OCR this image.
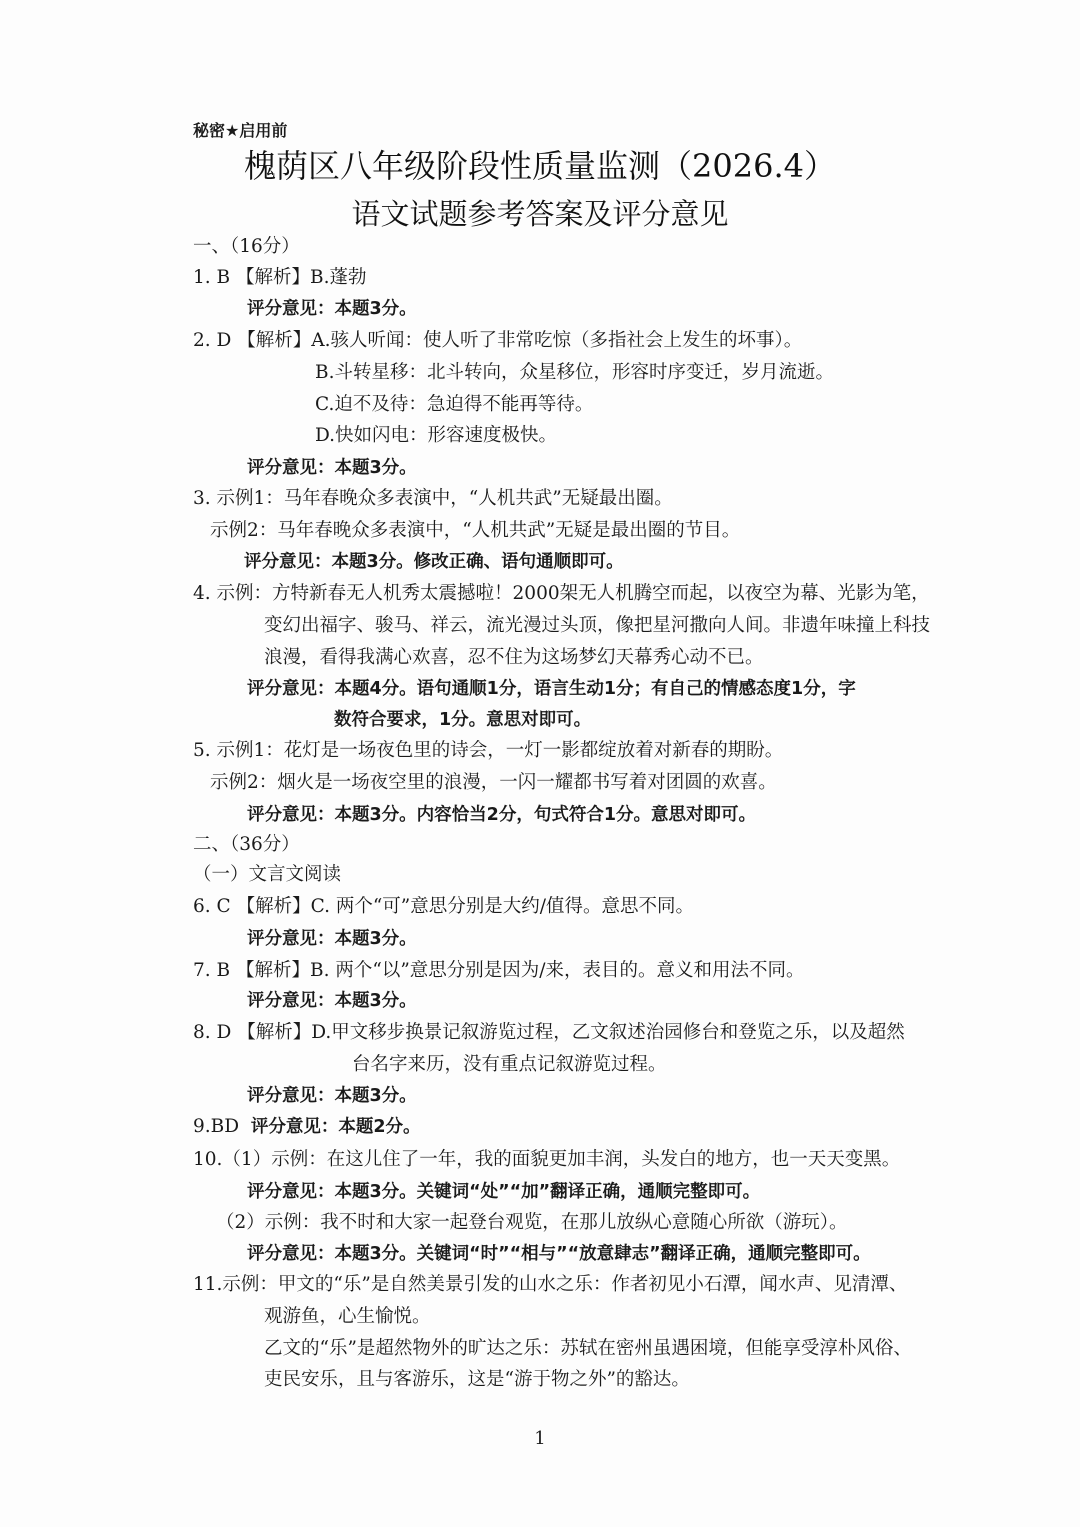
秘密★启用前
槐荫区八年级阶段性质量监测（2026.4）
语文试题参考答案及评分意见
一、（16分）
1. B 【解析】B.蓬勃
评分意见：本题3分。
2. D 【解析】A.骇人听闻：使人听了非常吃惊（多指社会上发生的坏事）。
B.斗转星移：北斗转向，众星移位，形容时序变迁，岁月流逝。
C.迫不及待：急迫得不能再等待。
D.快如闪电：形容速度极快。
评分意见：本题3分。
3. 示例1：马年春晚众多表演中，“人机共武”无疑最出圈。
示例2：马年春晚众多表演中，“人机共武”无疑是最出圈的节目。
评分意见：本题3分。修改正确、语句通顺即可。
4. 示例：方特新春无人机秀太震撼啦！2000架无人机腾空而起，以夜空为幕、光影为笔，
变幻出福字、骏马、祥云，流光漫过头顶，像把星河撒向人间。非遗年味撞上科技
浪漫，看得我满心欢喜，忍不住为这场梦幻天幕秀心动不已。
评分意见：本题4分。语句通顺1分，语言生动1分；有自己的情感态度1分，字
数符合要求，1分。意思对即可。
5. 示例1：花灯是一场夜色里的诗会，一灯一影都绽放着对新春的期盼。
示例2：烟火是一场夜空里的浪漫，一闪一耀都书写着对团圆的欢喜。
评分意见：本题3分。内容恰当2分，句式符合1分。意思对即可。
二、（36分）
（一）文言文阅读
6. C 【解析】C. 两个“可”意思分别是大约/值得。意思不同。
评分意见：本题3分。
7. B 【解析】B. 两个“以”意思分别是因为/来，表目的。意义和用法不同。
评分意见：本题3分。
8. D 【解析】D.甲文移步换景记叙游览过程，乙文叙述治园修台和登览之乐，以及超然
台名字来历，没有重点记叙游览过程。
评分意见：本题3分。
9.BD 评分意见：本题2分。
10.（1）示例：在这儿住了一年，我的面貌更加丰润，头发白的地方，也一天天变黑。
评分意见：本题3分。关键词“处”“加”翻译正确，通顺完整即可。
（2）示例：我不时和大家一起登台观览，在那儿放纵心意随心所欲（游玩）。
评分意见：本题3分。关键词“时”“相与”“放意肆志”翻译正确，通顺完整即可。
11.示例：甲文的“乐”是自然美景引发的山水之乐：作者初见小石潭，闻水声、见清潭、
观游鱼，心生愉悦。
乙文的“乐”是超然物外的旷达之乐：苏轼在密州虽遇困境，但能享受淳朴风俗、
吏民安乐，且与客游乐，这是“游于物之外”的豁达。
1
